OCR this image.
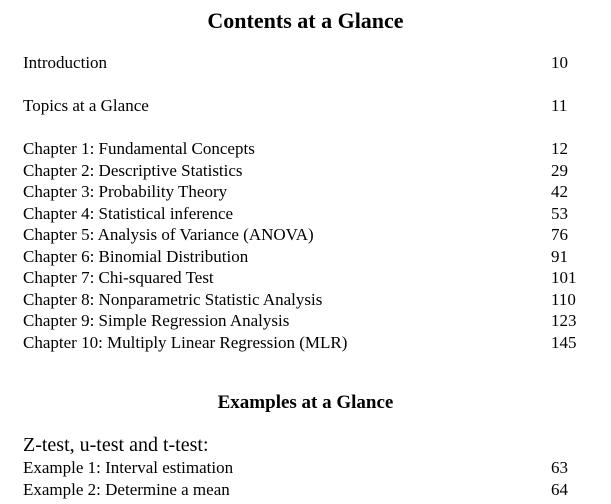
Contents at a Glance
Introduction	10
Topics at a Glance	11
Chapter 1: Fundamental Concepts	12
Chapter 2: Descriptive Statistics	29
Chapter 3: Probability Theory	42
Chapter 4: Statistical inference	53
Chapter 5: Analysis of Variance (ANOVA)	76
Chapter 6: Binomial Distribution	91
Chapter 7: Chi-squared Test	101
Chapter 8: Nonparametric Statistic Analysis	110
Chapter 9: Simple Regression Analysis	123
Chapter 10: Multiply Linear Regression (MLR)	145
Examples at a Glance
Z-test, u-test and t-test:
Example 1: Interval estimation	63
Example 2: Determine a mean	64
